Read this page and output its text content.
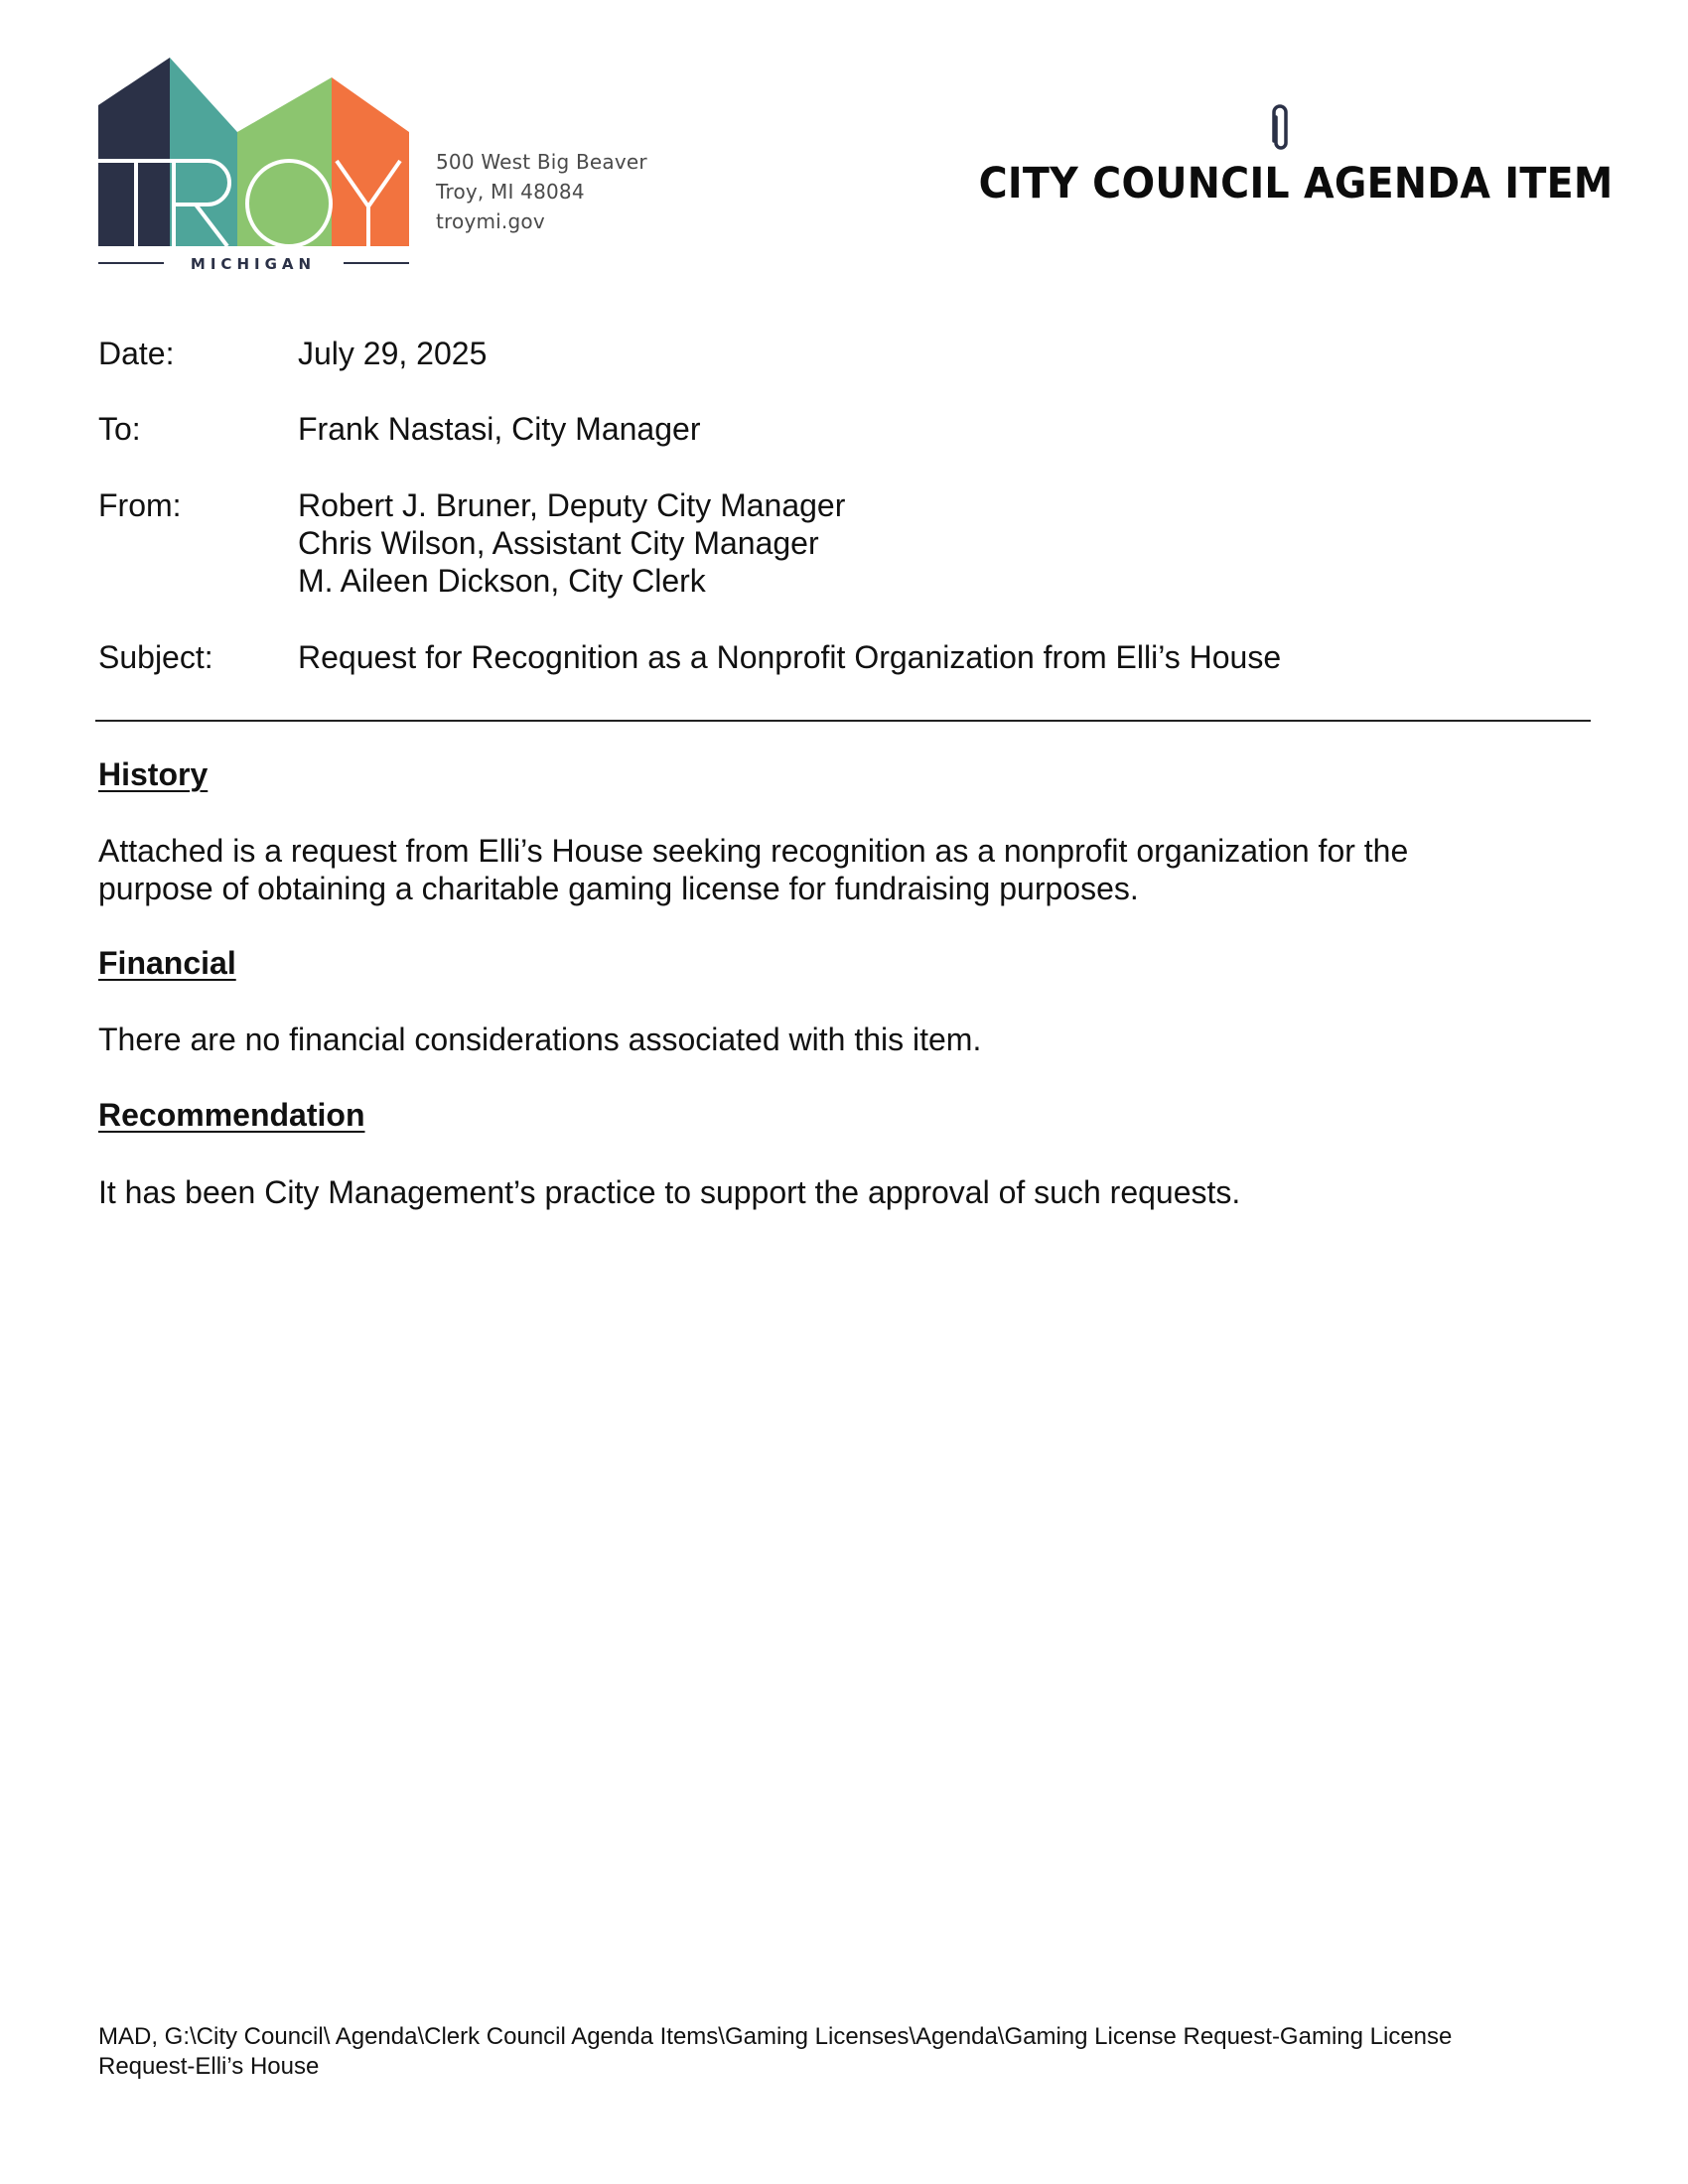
MICHIGAN
500 West Big Beaver
Troy, MI 48084
troymi.gov
CITY COUNCIL AGENDA ITEM
Date:	July 29, 2025
To:	Frank Nastasi, City Manager
From:	Robert J. Bruner, Deputy City Manager
Chris Wilson, Assistant City Manager
M. Aileen Dickson, City Clerk
Subject:	Request for Recognition as a Nonprofit Organization from Elli’s House
History
Attached is a request from Elli’s House seeking recognition as a nonprofit organization for the
purpose of obtaining a charitable gaming license for fundraising purposes.
Financial
There are no financial considerations associated with this item.
Recommendation
It has been City Management’s practice to support the approval of such requests.
MAD, G:\City Council\ Agenda\Clerk Council Agenda Items\Gaming Licenses\Agenda\Gaming License Request-Gaming License
Request-Elli’s House
